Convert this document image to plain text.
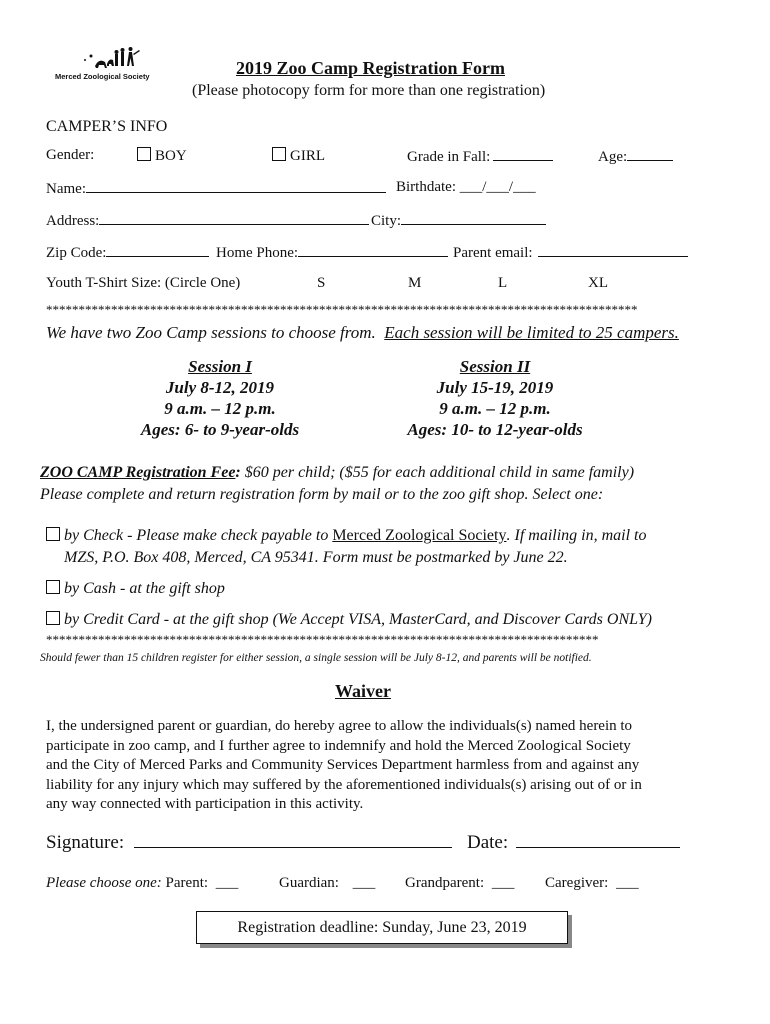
Merced Zoological Society	2019 Zoo Camp Registration Form
(Please photocopy form for more than one registration)
CAMPER’S INFO
Gender:	BOY	GIRL	Grade in Fall:	Age:
Name:	Birthdate: ___/___/___
Address:	City:
Zip Code:	Home Phone:	Parent email:
Youth T-Shirt Size: (Circle One)	S	M	L	XL
*******************************************************************************************
We have two Zoo Camp sessions to choose from. Each session will be limited to 25 campers.
Session I
July 8-12, 2019
9 a.m. – 12 p.m.
Ages: 6- to 9-year-olds
Session II
July 15-19, 2019
9 a.m. – 12 p.m.
Ages: 10- to 12-year-olds
ZOO CAMP Registration Fee: $60 per child; ($55 for each additional child in same family)
Please complete and return registration form by mail or to the zoo gift shop. Select one:
by Check - Please make check payable to Merced Zoological Society. If mailing in, mail to
MZS, P.O. Box 408, Merced, CA 95341. Form must be postmarked by June 22.
by Cash - at the gift shop
by Credit Card - at the gift shop (We Accept VISA, MasterCard, and Discover Cards ONLY)
*************************************************************************************
Should fewer than 15 children register for either session, a single session will be July 8-12, and parents will be notified.
Waiver
I, the undersigned parent or guardian, do hereby agree to allow the individuals(s) named herein to
participate in zoo camp, and I further agree to indemnify and hold the Merced Zoological Society
and the City of Merced Parks and Community Services Department harmless from and against any
liability for any injury which may suffered by the aforementioned individuals(s) arising out of or in
any way connected with participation in this activity.
Signature:	Date:
Please choose one: Parent: ___	Guardian: ___ Grandparent: ___ Caregiver: ___
Registration deadline: Sunday, June 23, 2019
